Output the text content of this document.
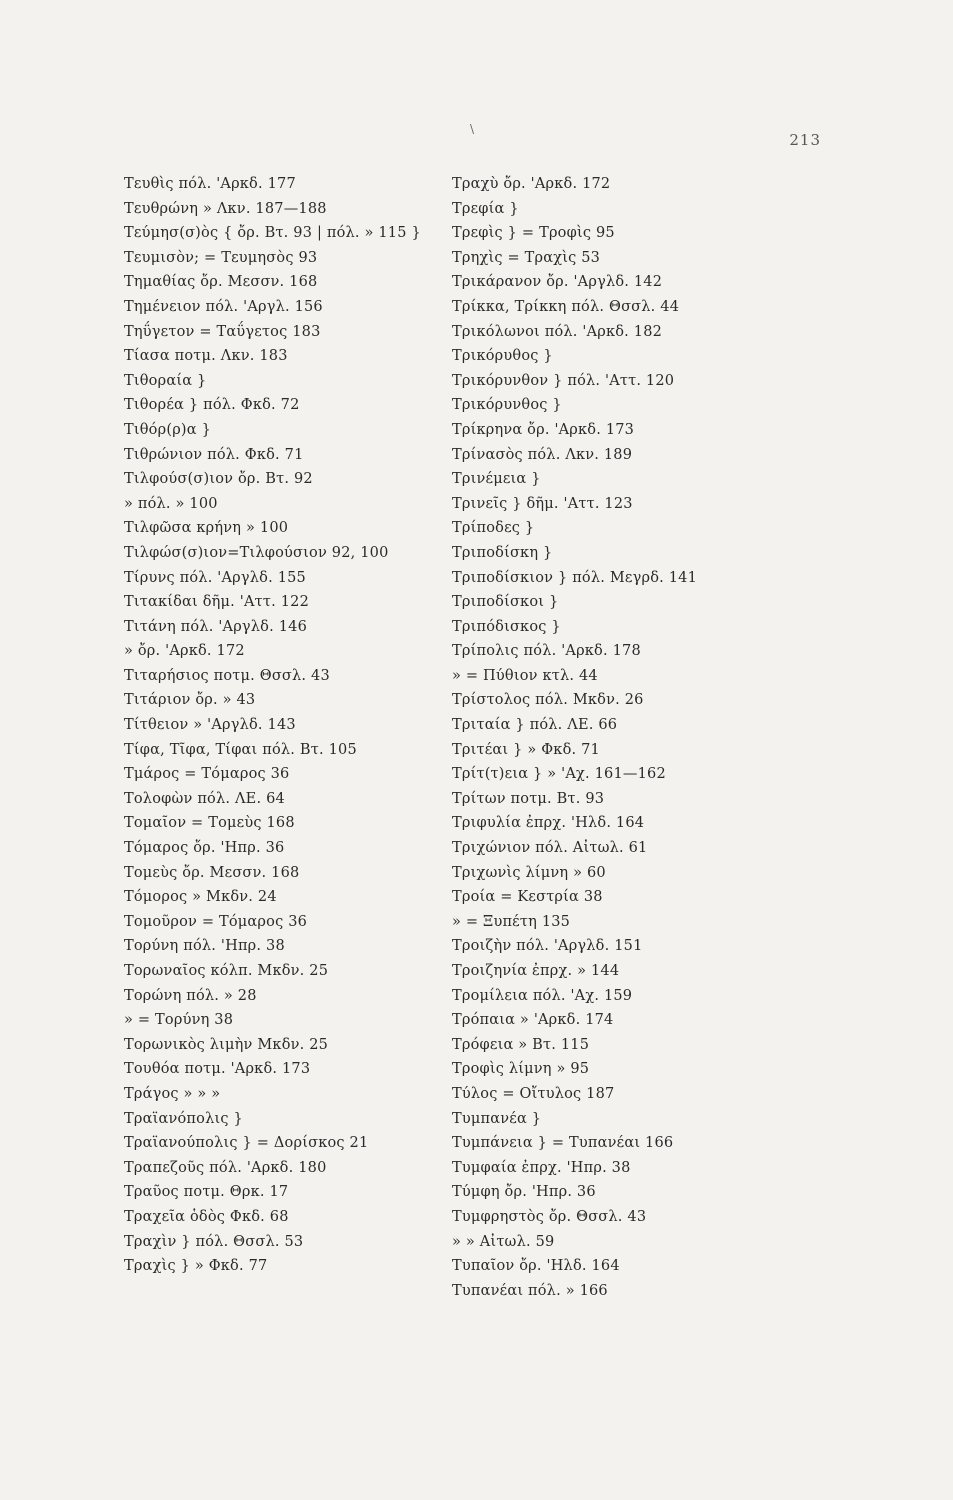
\
213
Τευθὶς πόλ. 'Αρκδ. 177
Τευθρώνη » Λκν. 187—188
Τεύμησ(σ)ὸς { ὄρ. Βτ. 93 | πόλ. » 115 }
Τευμισὸν; = Τευμησὸς 93
Τημαθίας ὄρ. Μεσσν. 168
Τημένειον πόλ. 'Αργλ. 156
Τηΰγετον = Ταΰγετος 183
Τίασα ποτμ. Λκν. 183
Τιθοραία }
Τιθορέα } πόλ. Φκδ. 72
Τιθόρ(ρ)α }
Τιθρώνιον πόλ. Φκδ. 71
Τιλφούσ(σ)ιον ὄρ. Βτ. 92
» πόλ. » 100
Τιλφῶσα κρήνη » 100
Τιλφώσ(σ)ιον=Τιλφούσιον 92, 100
Τίρυνς πόλ. 'Αργλδ. 155
Τιτακίδαι δῆμ. 'Αττ. 122
Τιτάνη πόλ. 'Αργλδ. 146
» ὄρ. 'Αρκδ. 172
Τιταρήσιος ποτμ. Θσσλ. 43
Τιτάριον ὄρ. » 43
Τίτθειον » 'Αργλδ. 143
Τίφα, Τῖφα, Τίφαι πόλ. Βτ. 105
Τμάρος = Τόμαρος 36
Τολοφὼν πόλ. ΛΕ. 64
Τομαῖον = Τομεὺς 168
Τόμαρος ὄρ. 'Ηπρ. 36
Τομεὺς ὄρ. Μεσσν. 168
Τόμορος » Μκδν. 24
Τομοῦρον = Τόμαρος 36
Τορύνη πόλ. 'Ηπρ. 38
Τορωναῖος κόλπ. Μκδν. 25
Τορώνη πόλ. » 28
» = Τορύνη 38
Τορωνικὸς λιμὴν Μκδν. 25
Τουθόα ποτμ. 'Αρκδ. 173
Τράγος » » »
Τραϊανόπολις }
Τραϊανούπολις } = Δορίσκος 21
Τραπεζοῦς πόλ. 'Αρκδ. 180
Τραῦος ποτμ. Θρκ. 17
Τραχεῖα ὁδὸς Φκδ. 68
Τραχὶν } πόλ. Θσσλ. 53
Τραχὶς } » Φκδ. 77
Τραχὺ ὄρ. 'Αρκδ. 172
Τρεφία }
Τρεφὶς } = Τροφὶς 95
Τρηχὶς = Τραχὶς 53
Τρικάρανον ὄρ. 'Αργλδ. 142
Τρίκκα, Τρίκκη πόλ. Θσσλ. 44
Τρικόλωνοι πόλ. 'Αρκδ. 182
Τρικόρυθος }
Τρικόρυνθον } πόλ. 'Αττ. 120
Τρικόρυνθος }
Τρίκρηνα ὄρ. 'Αρκδ. 173
Τρίνασὸς πόλ. Λκν. 189
Τρινέμεια }
Τρινεῖς } δῆμ. 'Αττ. 123
Τρίποδες }
Τριποδίσκη }
Τριποδίσκιον } πόλ. Μεγρδ. 141
Τριποδίσκοι }
Τριπόδισκος }
Τρίπολις πόλ. 'Αρκδ. 178
» = Πύθιον κτλ. 44
Τρίστολος πόλ. Μκδν. 26
Τριταία } πόλ. ΛΕ. 66
Τριτέαι } » Φκδ. 71
Τρίτ(τ)εια } » 'Αχ. 161—162
Τρίτων ποτμ. Βτ. 93
Τριφυλία ἐπρχ. 'Ηλδ. 164
Τριχώνιον πόλ. Αἰτωλ. 61
Τριχωνὶς λίμνη » 60
Τροία = Κεστρία 38
» = Ξυπέτη 135
Τροιζὴν πόλ. 'Αργλδ. 151
Τροιζηνία ἐπρχ. » 144
Τρομίλεια πόλ. 'Αχ. 159
Τρόπαια » 'Αρκδ. 174
Τρόφεια » Βτ. 115
Τροφὶς λίμνη » 95
Τύλος = Οἴτυλος 187
Τυμπανέα }
Τυμπάνεια } = Τυπανέαι 166
Τυμφαία ἐπρχ. 'Ηπρ. 38
Τύμφη ὄρ. 'Ηπρ. 36
Τυμφρηστὸς ὄρ. Θσσλ. 43
» » Αἰτωλ. 59
Τυπαῖον ὄρ. 'Ηλδ. 164
Τυπανέαι πόλ. » 166
